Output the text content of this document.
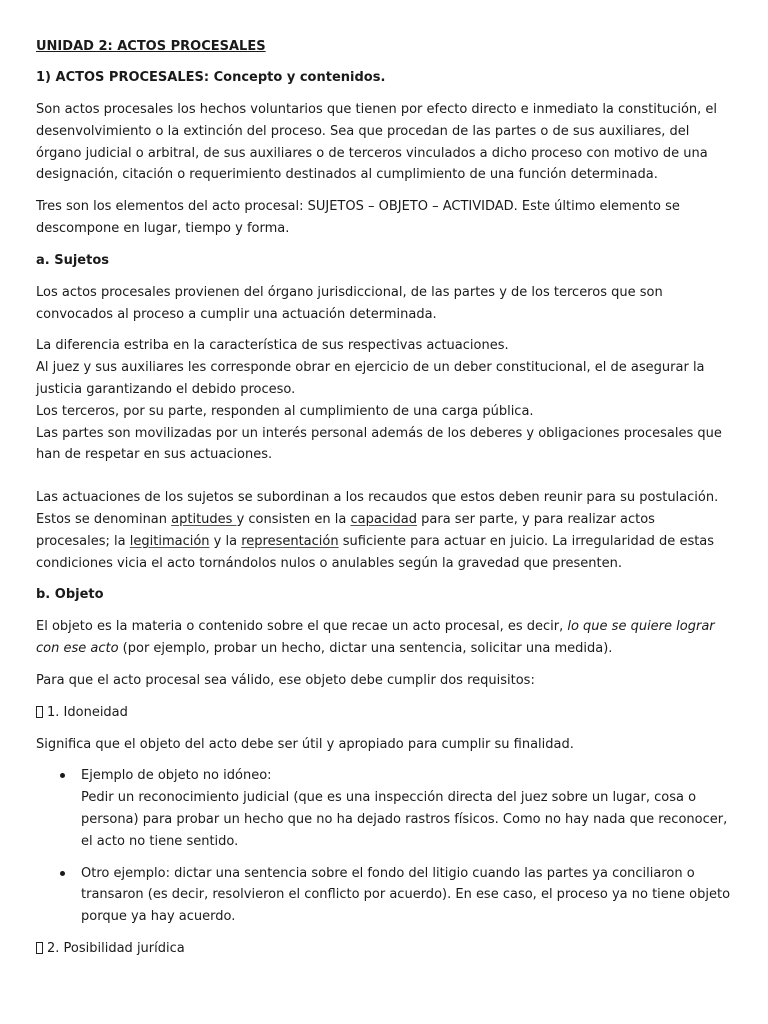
UNIDAD 2: ACTOS PROCESALES
1) ACTOS PROCESALES: Concepto y contenidos.

Son actos procesales los hechos voluntarios que tienen por efecto directo e inmediato la constitución, el desenvolvimiento o la extinción del proceso. Sea que procedan de las partes o de sus auxiliares, del órgano judicial o arbitral, de sus auxiliares o de terceros vinculados a dicho proceso con motivo de una designación, citación o requerimiento destinados al cumplimiento de una función determinada.

Tres son los elementos del acto procesal: SUJETOS – OBJETO – ACTIVIDAD. Este último elemento se descompone en lugar, tiempo y forma.

a. Sujetos

Los actos procesales provienen del órgano jurisdiccional, de las partes y de los terceros que son convocados al proceso a cumplir una actuación determinada.

La diferencia estriba en la característica de sus respectivas actuaciones.
Al juez y sus auxiliares les corresponde obrar en ejercicio de un deber constitucional, el de asegurar la justicia garantizando el debido proceso.
Los terceros, por su parte, responden al cumplimiento de una carga pública.
Las partes son movilizadas por un interés personal además de los deberes y obligaciones procesales que han de respetar en sus actuaciones.

Las actuaciones de los sujetos se subordinan a los recaudos que estos deben reunir para su postulación. Estos se denominan aptitudes y consisten en la capacidad para ser parte, y para realizar actos procesales; la legitimación y la representación suficiente para actuar en juicio. La irregularidad de estas condiciones vicia el acto tornándolos nulos o anulables según la gravedad que presenten.

b. Objeto

El objeto es la materia o contenido sobre el que recae un acto procesal, es decir, lo que se quiere lograr con ese acto (por ejemplo, probar un hecho, dictar una sentencia, solicitar una medida).

Para que el acto procesal sea válido, ese objeto debe cumplir dos requisitos:

1. Idoneidad

Significa que el objeto del acto debe ser útil y apropiado para cumplir su finalidad.

Ejemplo de objeto no idóneo:
Pedir un reconocimiento judicial (que es una inspección directa del juez sobre un lugar, cosa o persona) para probar un hecho que no ha dejado rastros físicos. Como no hay nada que reconocer, el acto no tiene sentido.
Otro ejemplo: dictar una sentencia sobre el fondo del litigio cuando las partes ya conciliaron o transaron (es decir, resolvieron el conflicto por acuerdo). En ese caso, el proceso ya no tiene objeto porque ya hay acuerdo.

2. Posibilidad jurídica
